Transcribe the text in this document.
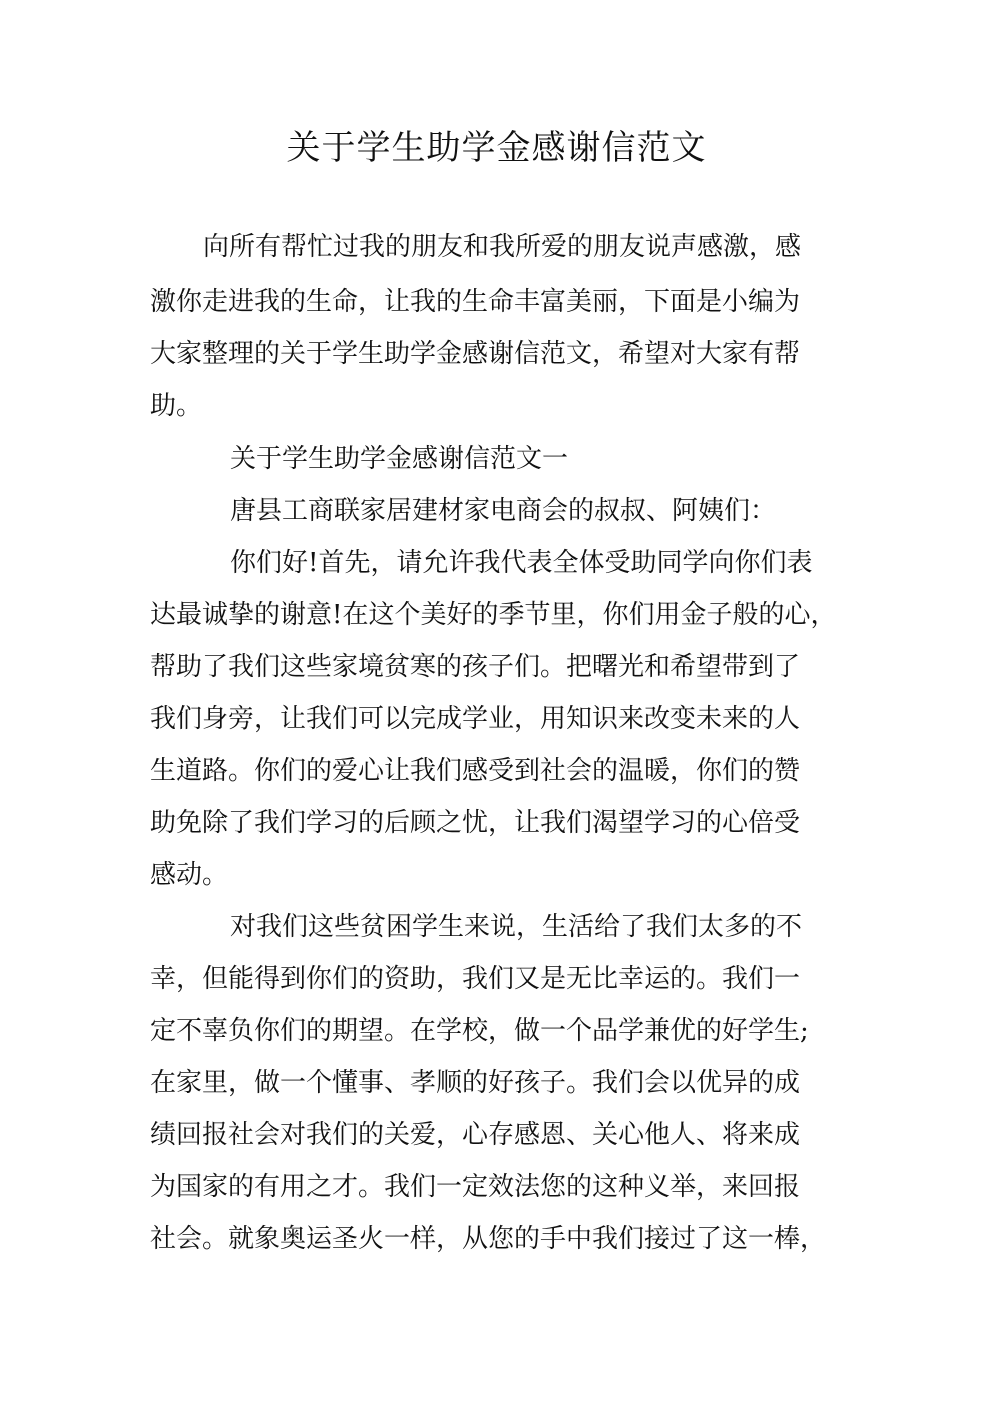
关于学生助学金感谢信范文

向所有帮忙过我的朋友和我所爱的朋友说声感激，感

激你走进我的生命，让我的生命丰富美丽，下面是小编为

大家整理的关于学生助学金感谢信范文，希望对大家有帮

助。

关于学生助学金感谢信范文一

唐县工商联家居建材家电商会的叔叔、阿姨们：

你们好!首先，请允许我代表全体受助同学向你们表

达最诚挚的谢意!在这个美好的季节里，你们用金子般的心，

帮助了我们这些家境贫寒的孩子们。把曙光和希望带到了

我们身旁，让我们可以完成学业，用知识来改变未来的人

生道路。你们的爱心让我们感受到社会的温暖，你们的赞

助免除了我们学习的后顾之忧，让我们渴望学习的心倍受

感动。

对我们这些贫困学生来说，生活给了我们太多的不

幸，但能得到你们的资助，我们又是无比幸运的。我们一

定不辜负你们的期望。在学校，做一个品学兼优的好学生;

在家里，做一个懂事、孝顺的好孩子。我们会以优异的成

绩回报社会对我们的关爱，心存感恩、关心他人、将来成

为国家的有用之才。我们一定效法您的这种义举，来回报

社会。就象奥运圣火一样，从您的手中我们接过了这一棒，
